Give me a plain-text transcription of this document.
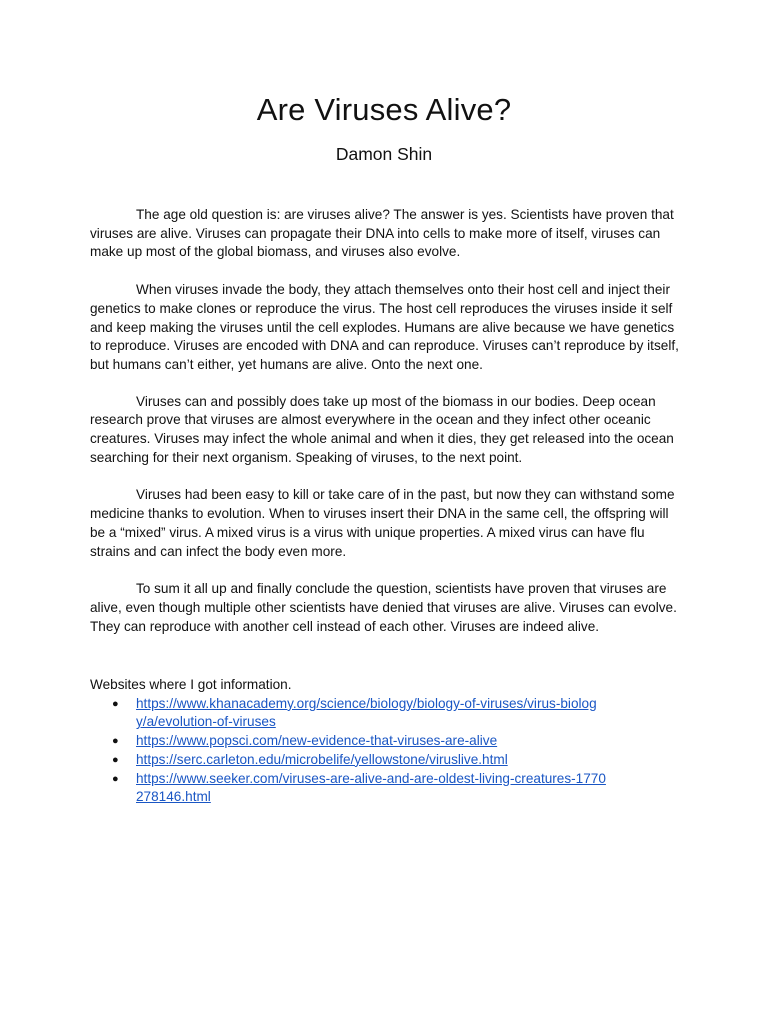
Are Viruses Alive?

Damon Shin

The age old question is: are viruses alive? The answer is yes. Scientists have proven that viruses are alive. Viruses can propagate their DNA into cells to make more of itself, viruses can make up most of the global biomass, and viruses also evolve.

When viruses invade the body, they attach themselves onto their host cell and inject their genetics to make clones or reproduce the virus. The host cell reproduces the viruses inside it self and keep making the viruses until the cell explodes. Humans are alive because we have genetics to reproduce. Viruses are encoded with DNA and can reproduce. Viruses can’t reproduce by itself, but humans can’t either, yet humans are alive. Onto the next one.

Viruses can and possibly does take up most of the biomass in our bodies. Deep ocean research prove that viruses are almost everywhere in the ocean and they infect other oceanic creatures. Viruses may infect the whole animal and when it dies, they get released into the ocean searching for their next organism. Speaking of viruses, to the next point.

Viruses had been easy to kill or take care of in the past, but now they can withstand some medicine thanks to evolution. When to viruses insert their DNA in the same cell, the offspring will be a “mixed” virus. A mixed virus is a virus with unique properties. A mixed virus can have flu strains and can infect the body even more.

To sum it all up and finally conclude the question, scientists have proven that viruses are alive, even though multiple other scientists have denied that viruses are alive. Viruses can evolve. They can reproduce with another cell instead of each other. Viruses are indeed alive.

Websites where I got information.

● https://www.khanacademy.org/science/biology/biology-of-viruses/virus-biology/a/evolution-of-viruses
● https://www.popsci.com/new-evidence-that-viruses-are-alive
● https://serc.carleton.edu/microbelife/yellowstone/viruslive.html
● https://www.seeker.com/viruses-are-alive-and-are-oldest-living-creatures-1770278146.html
